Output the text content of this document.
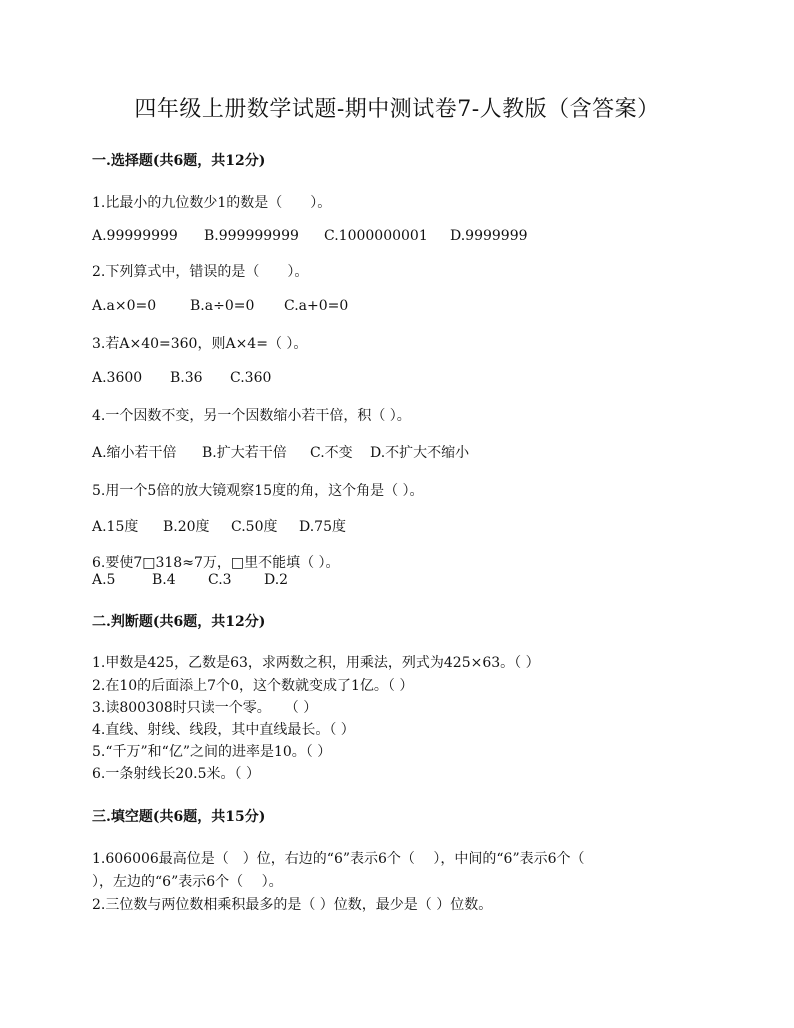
四年级上册数学试题-期中测试卷7-人教版（含答案）
一.选择题(共6题，共12分)
1.比最小的九位数少1的数是（　　）。
A.99999999	B.999999999	C.1000000001	D.9999999
2.下列算式中，错误的是（　　）。
A.a×0=0	B.a÷0=0	C.a+0=0
3.若A×40=360，则A×4=（ ）。
A.3600	B.36	C.360
4.一个因数不变，另一个因数缩小若干倍，积（ ）。
A.缩小若干倍	B.扩大若干倍	C.不变	D.不扩大不缩小
5.用一个5倍的放大镜观察15度的角，这个角是（ ）。
A.15度	B.20度	C.50度	D.75度
6.要使7□318≈7万，□里不能填（ ）。
A.5	B.4	C.3	D.2
二.判断题(共6题，共12分)
1.甲数是425，乙数是63，求两数之积，用乘法，列式为425×63。（ ）
2.在10的后面添上7个0，这个数就变成了1亿。（ ）
3.读800308时只读一个零。　　（ ）
4.直线、射线、线段，其中直线最长。（ ）
5.“千万”和“亿”之间的进率是10。（ ）
6.一条射线长20.5米。（ ）
三.填空题(共6题，共15分)
1.606006最高位是（　）位，右边的“6”表示6个（　 ），中间的“6”表示6个（
），左边的“6”表示6个（　 ）。
2.三位数与两位数相乘积最多的是（ ）位数，最少是（ ）位数。
